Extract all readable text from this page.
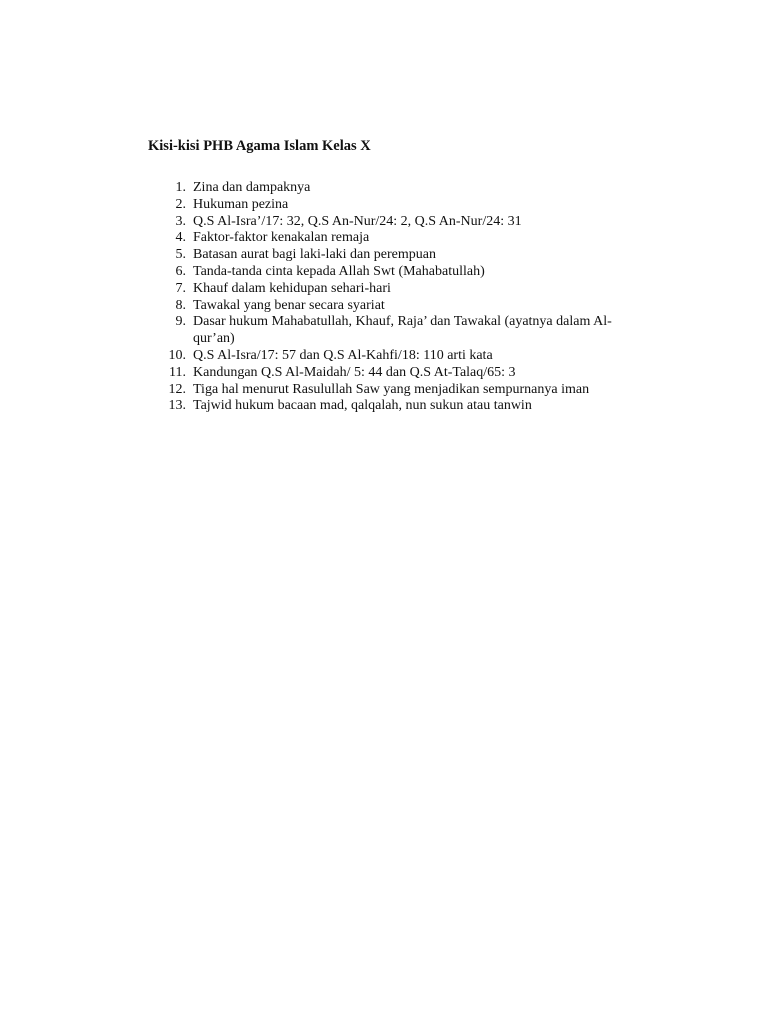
Kisi-kisi PHB Agama Islam Kelas X
1. Zina dan dampaknya
2. Hukuman pezina
3. Q.S Al-Isra’/17: 32, Q.S An-Nur/24: 2, Q.S An-Nur/24: 31
4. Faktor-faktor kenakalan remaja
5. Batasan aurat bagi laki-laki dan perempuan
6. Tanda-tanda cinta kepada Allah Swt (Mahabatullah)
7. Khauf dalam kehidupan sehari-hari
8. Tawakal yang benar secara syariat
9. Dasar hukum Mahabatullah, Khauf, Raja’ dan Tawakal (ayatnya dalam Al-qur’an)
10. Q.S Al-Isra/17: 57 dan Q.S Al-Kahfi/18: 110 arti kata
11. Kandungan Q.S Al-Maidah/ 5: 44 dan Q.S At-Talaq/65: 3
12. Tiga hal menurut Rasulullah Saw yang menjadikan sempurnanya iman
13. Tajwid hukum bacaan mad, qalqalah, nun sukun atau tanwin
